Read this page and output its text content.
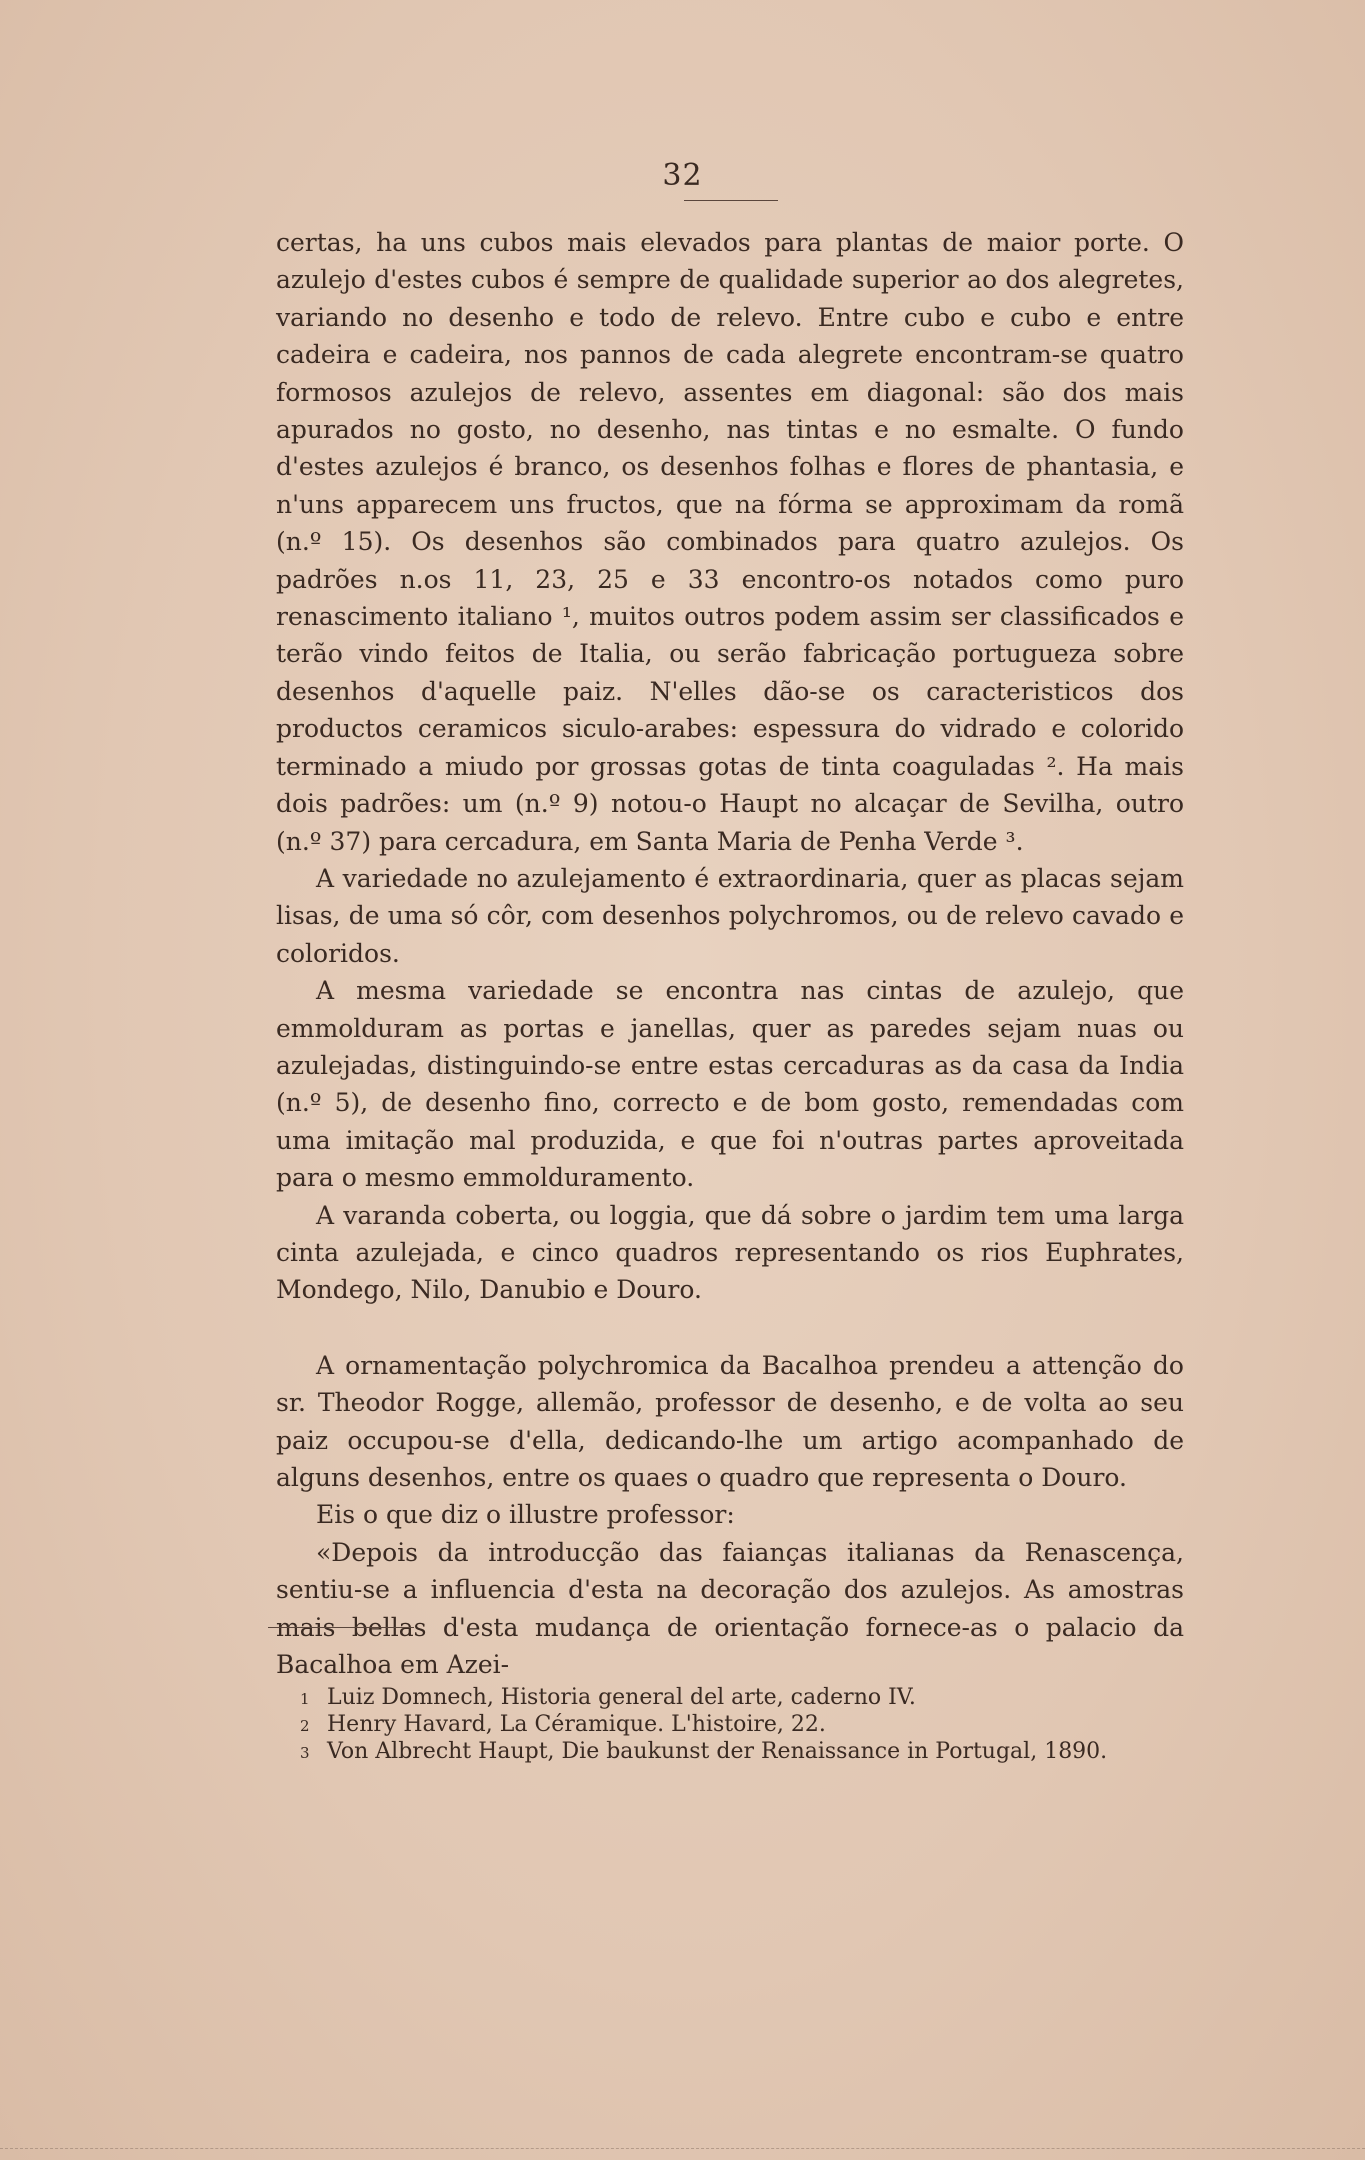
32

certas, ha uns cubos mais elevados para plantas de maior porte. O azulejo d'estes cubos é sempre de qualidade superior ao dos alegretes, variando no desenho e todo de relevo. Entre cubo e cubo e entre cadeira e cadeira, nos pannos de cada alegrete encontram-se quatro formosos azulejos de relevo, assentes em diagonal: são dos mais apurados no gosto, no desenho, nas tintas e no esmalte. O fundo d'estes azulejos é branco, os desenhos folhas e flores de phantasia, e n'uns apparecem uns fructos, que na fórma se approximam da romã (n.º 15). Os desenhos são combinados para quatro azulejos. Os padrões n.os 11, 23, 25 e 33 encontro-os notados como puro renascimento italiano ¹, muitos outros podem assim ser classificados e terão vindo feitos de Italia, ou serão fabricação portugueza sobre desenhos d'aquelle paiz. N'elles dão-se os caracteristicos dos productos ceramicos siculo-arabes: espessura do vidrado e colorido terminado a miudo por grossas gotas de tinta coaguladas ². Ha mais dois padrões: um (n.º 9) notou-o Haupt no alcaçar de Sevilha, outro (n.º 37) para cercadura, em Santa Maria de Penha Verde ³.

A variedade no azulejamento é extraordinaria, quer as placas sejam lisas, de uma só côr, com desenhos polychromos, ou de relevo cavado e coloridos.

A mesma variedade se encontra nas cintas de azulejo, que emmolduram as portas e janellas, quer as paredes sejam nuas ou azulejadas, distinguindo-se entre estas cercaduras as da casa da India (n.º 5), de desenho fino, correcto e de bom gosto, remendadas com uma imitação mal produzida, e que foi n'outras partes aproveitada para o mesmo emmolduramento.

A varanda coberta, ou loggia, que dá sobre o jardim tem uma larga cinta azulejada, e cinco quadros representando os rios Euphrates, Mondego, Nilo, Danubio e Douro.

A ornamentação polychromica da Bacalhoa prendeu a attenção do sr. Theodor Rogge, allemão, professor de desenho, e de volta ao seu paiz occupou-se d'ella, dedicando-lhe um artigo acompanhado de alguns desenhos, entre os quaes o quadro que representa o Douro.

Eis o que diz o illustre professor:

«Depois da introducção das faianças italianas da Renascença, sentiu-se a influencia d'esta na decoração dos azulejos. As amostras mais bellas d'esta mudança de orientação fornece-as o palacio da Bacalhoa em Azei-

1 Luiz Domnech, Historia general del arte, caderno IV.

2 Henry Havard, La Céramique. L'histoire, 22.

3 Von Albrecht Haupt, Die baukunst der Renaissance in Portugal, 1890.
